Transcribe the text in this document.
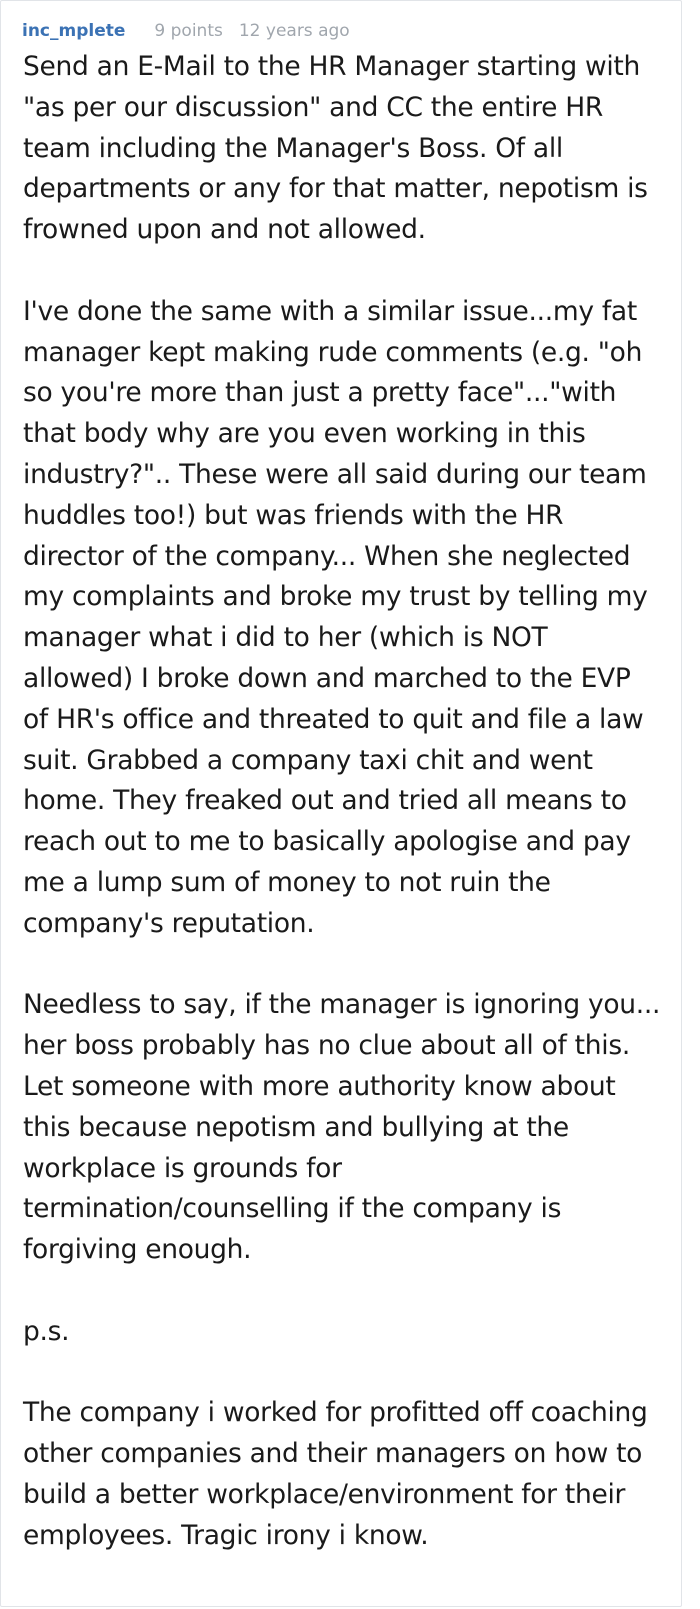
inc_mplete 9 points 12 years ago

Send an E-Mail to the HR Manager starting with
"as per our discussion" and CC the entire HR
team including the Manager's Boss. Of all
departments or any for that matter, nepotism is
frowned upon and not allowed.

I've done the same with a similar issue...my fat
manager kept making rude comments (e.g. "oh
so you're more than just a pretty face"..."with
that body why are you even working in this
industry?".. These were all said during our team
huddles too!) but was friends with the HR
director of the company... When she neglected
my complaints and broke my trust by telling my
manager what i did to her (which is NOT
allowed) I broke down and marched to the EVP
of HR's office and threated to quit and file a law
suit. Grabbed a company taxi chit and went
home. They freaked out and tried all means to
reach out to me to basically apologise and pay
me a lump sum of money to not ruin the
company's reputation.

Needless to say, if the manager is ignoring you...
her boss probably has no clue about all of this.
Let someone with more authority know about
this because nepotism and bullying at the
workplace is grounds for
termination/counselling if the company is
forgiving enough.

p.s.

The company i worked for profitted off coaching
other companies and their managers on how to
build a better workplace/environment for their
employees. Tragic irony i know.
